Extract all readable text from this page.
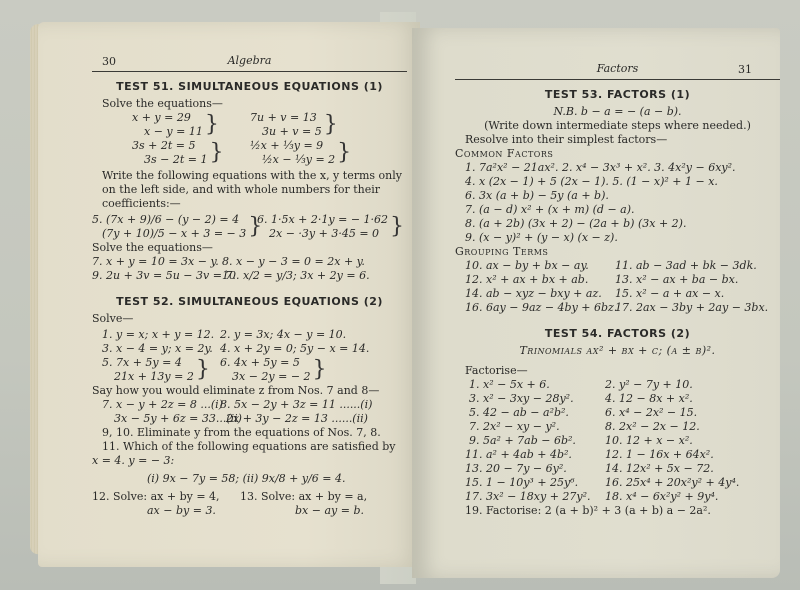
30	Algebra
TEST 51. SIMULTANEOUS EQUATIONS (1)
Solve the equations—
x + y = 29
x − y = 11 }
3s + 2t = 5
3s − 2t = 1 }
7u + v = 13
3u + v = 5 }
½x + ⅓y = 9
½x − ⅓y = 2 }
Write the following equations with the x, y terms only on the left side, and with whole numbers for their coefficients:—
5. (7x + 9)/6 − (y − 2) = 4
(7y + 10)/5 − x + 3 = − 3 }
6. 1·5x + 2·1y = − 1·62
2x − ·3y + 3·45 = 0 }
Solve the equations—
7. x + y = 10 = 3x − y. 8. x − y − 3 = 0 = 2x + y.
9. 2u + 3v = 5u − 3v = 7.
10. x/2 = y/3; 3x + 2y = 6.
TEST 52. SIMULTANEOUS EQUATIONS (2)
Solve—
1. y = x; x + y = 12. 2. y = 3x; 4x − y = 10.
3. x − 4 = y; x = 2y. 4. x + 2y = 0; 5y − x = 14.
5. 7x + 5y = 4
21x + 13y = 2 } 6. 4x + 5y = 5
3x − 2y = − 2 }
Say how you would eliminate z from Nos. 7 and 8—
7. x − y + 2z = 8 ...(i)
8. 5x − 2y + 3z = 11 ......(i)
3x − 5y + 6z = 33...(ii)
2x + 3y − 2z = 13 ......(ii)
9, 10. Eliminate y from the equations of Nos. 7, 8.
11. Which of the following equations are satisfied by
x = 4. y = − 3:
(i) 9x − 7y = 58; (ii) 9x/8 + y/6 = 4.
12. Solve: ax + by = 4,	13. Solve: ax + by = a,
ax − by = 3.	bx − ay = b.
Factors	31
TEST 53. FACTORS (1)
N.B. b − a = − (a − b).
(Write down intermediate steps where needed.)
Resolve into their simplest factors—
Common Factors
1. 7a²x² − 21ax². 2. x⁴ − 3x³ + x². 3. 4x²y − 6xy².
4. x (2x − 1) + 5 (2x − 1). 5. (1 − x)² + 1 − x.
6. 3x (a + b) − 5y (a + b).
7. (a − d) x² + (x + m) (d − a).
8. (a + 2b) (3x + 2) − (2a + b) (3x + 2).
9. (x − y)² + (y − x) (x − z).
Grouping Terms
10. ax − by + bx − ay.	11. ab − 3ad + bk − 3dk.
12. x² + ax + bx + ab.	13. x² − ax + ba − bx.
14. ab − xyz − bxy + az.	15. x² − a + ax − x.
16. 6ay − 9az − 4by + 6bz.
17. 2ax − 3by + 2ay − 3bx.
TEST 54. FACTORS (2)
Trinomials ax² + bx + c; (a ± b)².
Factorise—
1. x² − 5x + 6.	2. y² − 7y + 10.
3. x² − 3xy − 28y².	4. 12 − 8x + x².
5. 42 − ab − a²b².	6. x⁴ − 2x² − 15.
7. 2x² − xy − y².	8. 2x² − 2x − 12.
9. 5a² + 7ab − 6b².	10. 12 + x − x².
11. a² + 4ab + 4b².	12. 1 − 16x + 64x².
13. 20 − 7y − 6y².	14. 12x² + 5x − 72.
15. 1 − 10y³ + 25y⁶.	16. 25x⁴ + 20x²y² + 4y⁴.
17. 3x² − 18xy + 27y².	18. x⁴ − 6x²y² + 9y⁴.
19. Factorise: 2 (a + b)² + 3 (a + b) a − 2a².
